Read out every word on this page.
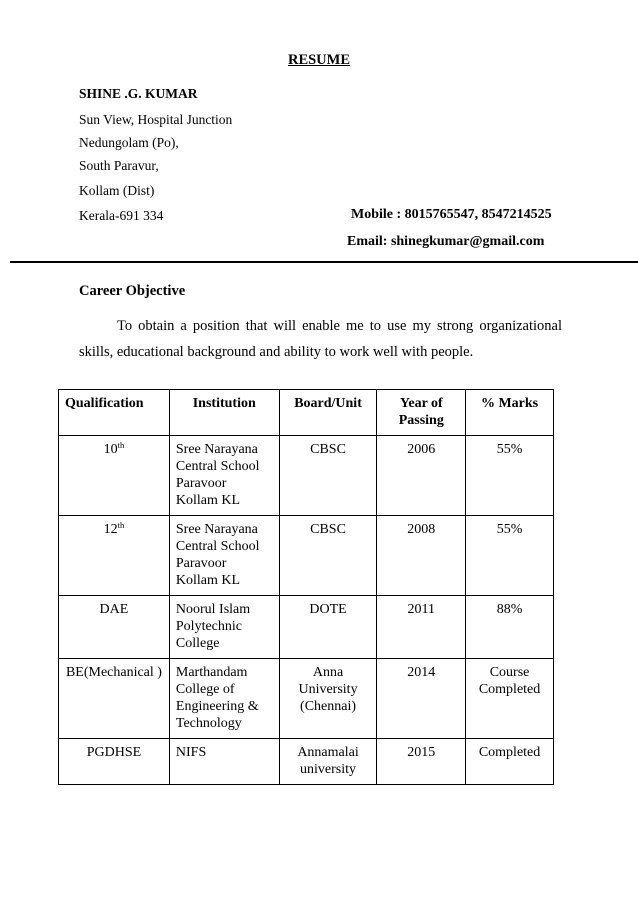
RESUME
SHINE .G. KUMAR
Sun View, Hospital Junction
Nedungolam (Po),
South Paravur,
Kollam (Dist)
Kerala-691 334	Mobile : 8015765547, 8547214525
Email: shinegkumar@gmail.com
Career Objective
To obtain a position that will enable me to use my strong organizational skills, educational background and ability to work well with people.
Qualification	Institution	Board/Unit	Year of Passing	% Marks
10th	Sree Narayana
Central School
Paravoor
Kollam KL	CBSC	2006	55%

12th	Sree Narayana
Central School
Paravoor
Kollam KL	CBSC	2008	55%

DAE	Noorul Islam
Polytechnic
College	DOTE	2011	88%

BE(Mechanical )	Marthandam
College of
Engineering &
Technology	Anna
University
(Chennai)	2014	Course
Completed

PGDHSE	NIFS	Annamalai
university	2015	Completed
